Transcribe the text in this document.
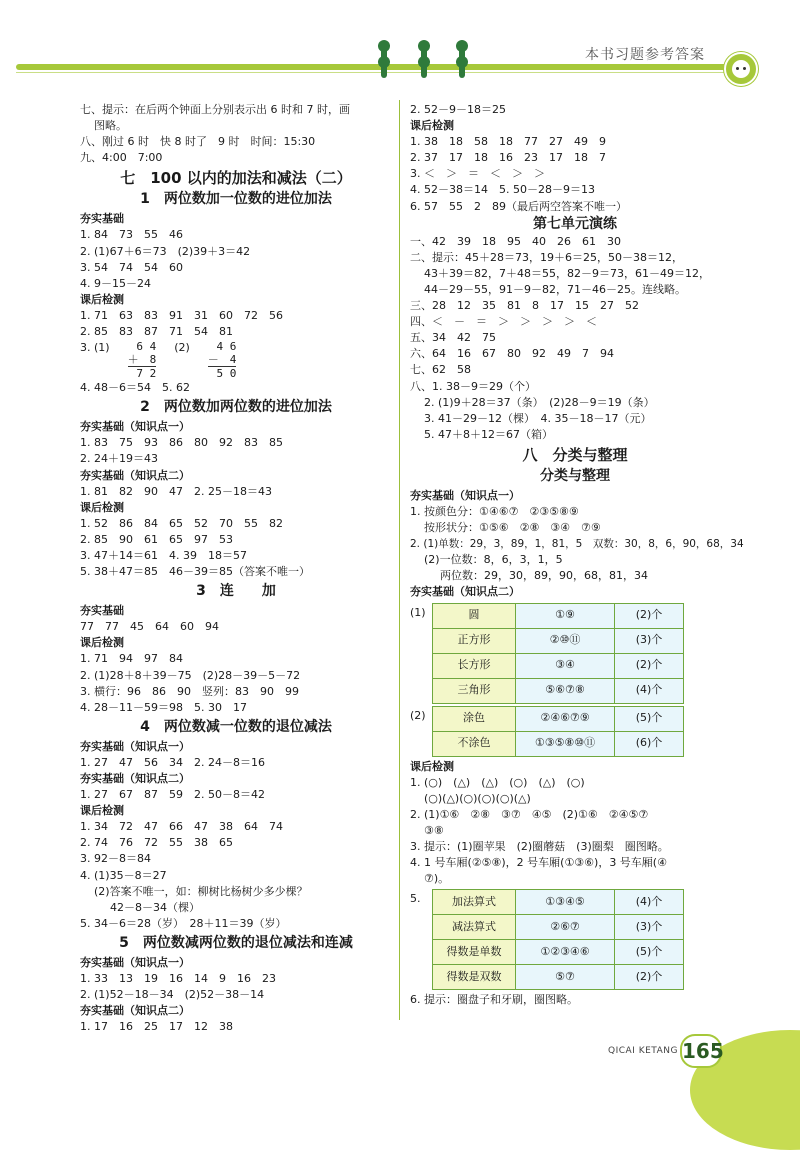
本书习题参考答案
七、提示：在后两个钟面上分别表示出 6 时和 7 时，画
图略。
八、刚过 6 时　快 8 时了　9 时　时间：15:30
九、4:00　7:00
七　100 以内的加法和减法（二）
1　两位数加一位数的进位加法
夯实基础
1. 84　73　55　46
2. (1)67＋6＝73　(2)39＋3＝42
3. 54　74　54　60
4. 9－15－24
课后检测
1. 71　63　83　91　31　60　72　56
2. 85　83　87　71　54　81
3. (1)	6 4
＋　8
7 2
(2)	4 6
－　4
5 0
4. 48－6＝54　5. 62
2　两位数加两位数的进位加法
夯实基础（知识点一）
1. 83　75　93　86　80　92　83　85
2. 24＋19＝43
夯实基础（知识点二）
1. 81　82　90　47　2. 25－18＝43
课后检测
1. 52　86　84　65　52　70　55　82
2. 85　90　61　65　97　53
3. 47＋14＝61　4. 39　18＝57
5. 38＋47＝85　46－39＝85（答案不唯一）
3　连　　加
夯实基础
77　77　45　64　60　94
课后检测
1. 71　94　97　84
2. (1)28＋8＋39－75　(2)28－39－5－72
3. 横行：96　86　90　竖列：83　90　99
4. 28－11－59＝98　5. 30　17
4　两位数减一位数的退位减法
夯实基础（知识点一）
1. 27　47　56　34　2. 24－8＝16
夯实基础（知识点二）
1. 27　67　87　59　2. 50－8＝42
课后检测
1. 34　72　47　66　47　38　64　74
2. 74　76　72　55　38　65
3. 92－8＝84
4. (1)35－8＝27
(2)答案不唯一，如：柳树比杨树少多少棵？
42－8－34（棵）
5. 34－6＝28（岁）　28＋11＝39（岁）
5　两位数减两位数的退位减法和连减
夯实基础（知识点一）
1. 33　13　19　16　14　9　16　23
2. (1)52－18－34　(2)52－38－14
夯实基础（知识点二）
1. 17　16　25　17　12　38
2. 52－9－18＝25
课后检测
1. 38　18　58　18　77　27　49　9
2. 37　17　18　16　23　17　18　7
3. ＜　＞　＝　＜　＞　＞
4. 52－38＝14　5. 50－28－9＝13
6. 57　55　2　89（最后两空答案不唯一）
第七单元演练
一、42　39　18　95　40　26　61　30
二、提示：45＋28＝73，19＋6＝25，50－38＝12，
43＋39＝82，7＋48＝55，82－9＝73，61－49＝12，
44－29－55，91－9－82，71－46－25。连线略。
三、28　12　35　81　8　17　15　27　52
四、＜　－　＝　＞　＞　＞　＞　＜
五、34　42　75
六、64　16　67　80　92　49　7　94
七、62　58
八、1. 38－9＝29（个）
2. (1)9＋28＝37（条）　(2)28－9＝19（条）
3. 41－29－12（棵）　4. 35－18－17（元）
5. 47＋8＋12＝67（箱）
八　分类与整理
分类与整理
夯实基础（知识点一）
1. 按颜色分：①④⑥⑦　②③⑤⑧⑨
按形状分：①⑤⑥　②⑧　③④　⑦⑨
2. (1)单数：29，3，89，1，81，5　双数：30，8，6，90，68，34
(2)一位数：8，6，3，1，5
两位数：29，30，89，90，68，81，34
夯实基础（知识点二）
(1)	圆	①⑨	(2)个
正方形	②⑩⑪	(3)个
长方形	③④	(2)个
三角形	⑤⑥⑦⑧	(4)个
(2)	涂色	②④⑥⑦⑨	(5)个
不涂色	①③⑤⑧⑩⑪	(6)个
课后检测
1. (○)　(△)　(△)　(○)　(△)　(○)
(○)(△)(○)(○)(○)(△)
2. (1)①⑥　②⑧　③⑦　④⑤　(2)①⑥　②④⑤⑦
③⑧
3. 提示：(1)圈苹果　(2)圈蘑菇　(3)圈梨　圈图略。
4. 1 号车厢(②⑤⑧)，2 号车厢(①③⑥)，3 号车厢(④
⑦)。
5.	加法算式	①③④⑤	(4)个
减法算式	②⑥⑦	(3)个
得数是单数	①②③④⑥	(5)个
得数是双数	⑤⑦	(2)个
6. 提示：圈盘子和牙刷，圈图略。
QICAI KETANG 165
